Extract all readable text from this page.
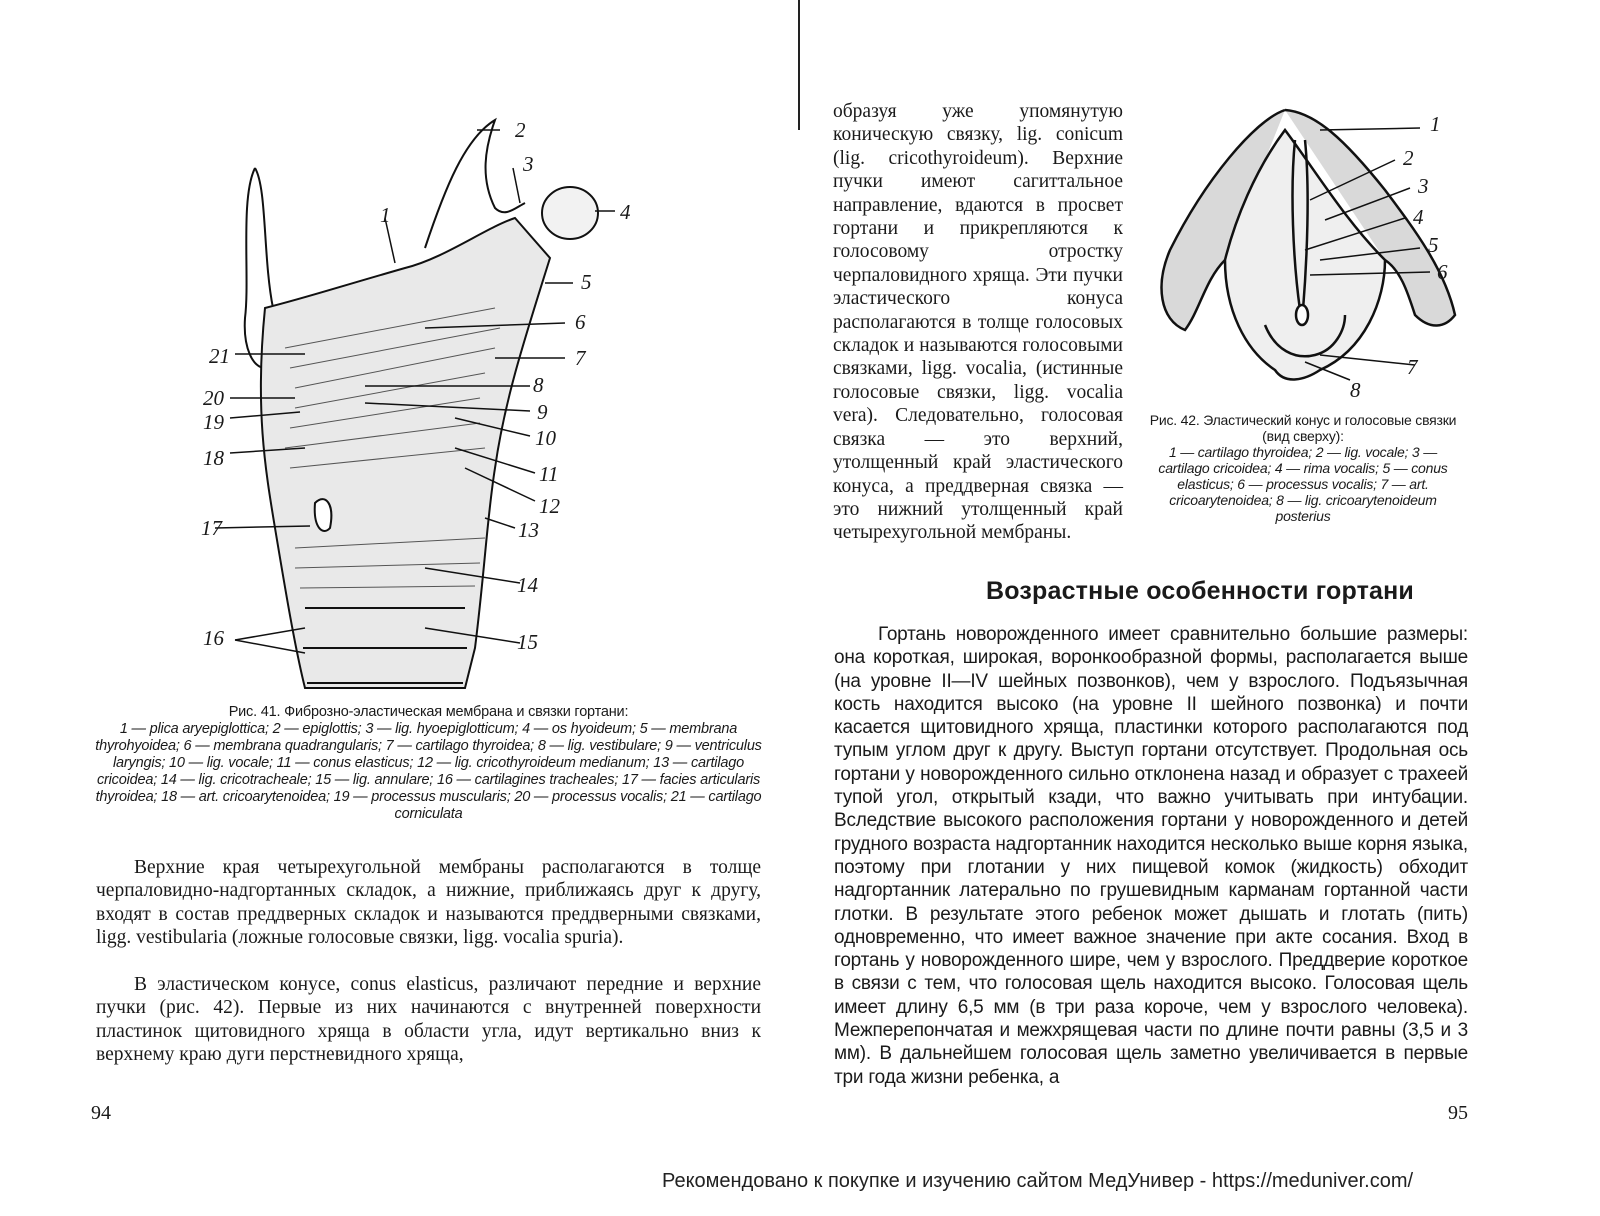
1
2
3
4
5
6
7
8
9
10
11
12
13
14
15
16
17
18
19
20
21
Рис. 41. Фиброзно-эластическая мембрана и связки гортани:
1 — plica aryepiglottica; 2 — epiglottis; 3 — lig. hyoepiglotticum; 4 — os hyoideum; 5 — membrana thyrohyoidea; 6 — membrana quadrangularis; 7 — cartilago thyroidea; 8 — lig. vestibulare; 9 — ventriculus laryngis; 10 — lig. vocale; 11 — conus elasticus; 12 — lig. cricothyroideum medianum; 13 — cartilago cricoidea; 14 — lig. cricotracheale; 15 — lig. annulare; 16 — cartilagines tracheales; 17 — facies articularis thyroidea; 18 — art. cricoarytenoidea; 19 — processus muscularis; 20 — processus vocalis; 21 — cartilago corniculata

Верхние края четырехугольной мембраны располагаются в толще черпаловидно-надгортанных складок, а нижние, приближаясь друг к другу, входят в состав преддверных складок и называются преддверными связками, ligg. vestibularia (ложные голосовые связки, ligg. vocalia spuria).

В эластическом конусе, conus elasticus, различают передние и верхние пучки (рис. 42). Первые из них начинаются с внутренней поверхности пластинок щитовидного хряща в области угла, идут вертикально вниз к верхнему краю дуги перстневидного хряща,

94

образуя уже упомянутую коническую связку, lig. conicum (lig. cricothyroideum). Верхние пучки имеют сагиттальное направление, вдаются в просвет гортани и прикрепляются к голосовому отростку черпаловидного хряща. Эти пучки эластического конуса располагаются в толще голосовых складок и называются голосовыми связками, ligg. vocalia, (истинные голосовые связки, ligg. vocalia vera). Следовательно, голосовая связка — это верхний, утолщенный край эластического конуса, а преддверная связка — это нижний утолщенный край четырехугольной мембраны.

1
2
3
4
5
6
7
8
Рис. 42. Эластический конус и голосовые связки (вид сверху):
1 — cartilago thyroidea; 2 — lig. vocale; 3 — cartilago cricoidea; 4 — rima vocalis; 5 — conus elasticus; 6 — processus vocalis; 7 — art. cricoarytenoidea; 8 — lig. cricoarytenoideum posterius
Возрастные особенности гортани

Гортань новорожденного имеет сравнительно большие размеры: она короткая, широкая, воронкообразной формы, располагается выше (на уровне II—IV шейных позвонков), чем у взрослого. Подъязычная кость находится высоко (на уровне II шейного позвонка) и почти касается щитовидного хряща, пластинки которого располагаются под тупым углом друг к другу. Выступ гортани отсутствует. Продольная ось гортани у новорожденного сильно отклонена назад и образует с трахеей тупой угол, открытый кзади, что важно учитывать при интубации. Вследствие высокого расположения гортани у новорожденного и детей грудного возраста надгортанник находится несколько выше корня языка, поэтому при глотании у них пищевой комок (жидкость) обходит надгортанник латерально по грушевидным карманам гортанной части глотки. В результате этого ребенок может дышать и глотать (пить) одновременно, что имеет важное значение при акте сосания. Вход в гортань у новорожденного шире, чем у взрослого. Преддверие короткое в связи с тем, что голосовая щель находится высоко. Голосовая щель имеет длину 6,5 мм (в три раза короче, чем у взрослого человека). Межперепончатая и межхрящевая части по длине почти равны (3,5 и 3 мм). В дальнейшем голосовая щель заметно увеличивается в первые три года жизни ребенка, а

95
Рекомендовано к покупке и изучению сайтом МедУнивер - https://meduniver.com/
